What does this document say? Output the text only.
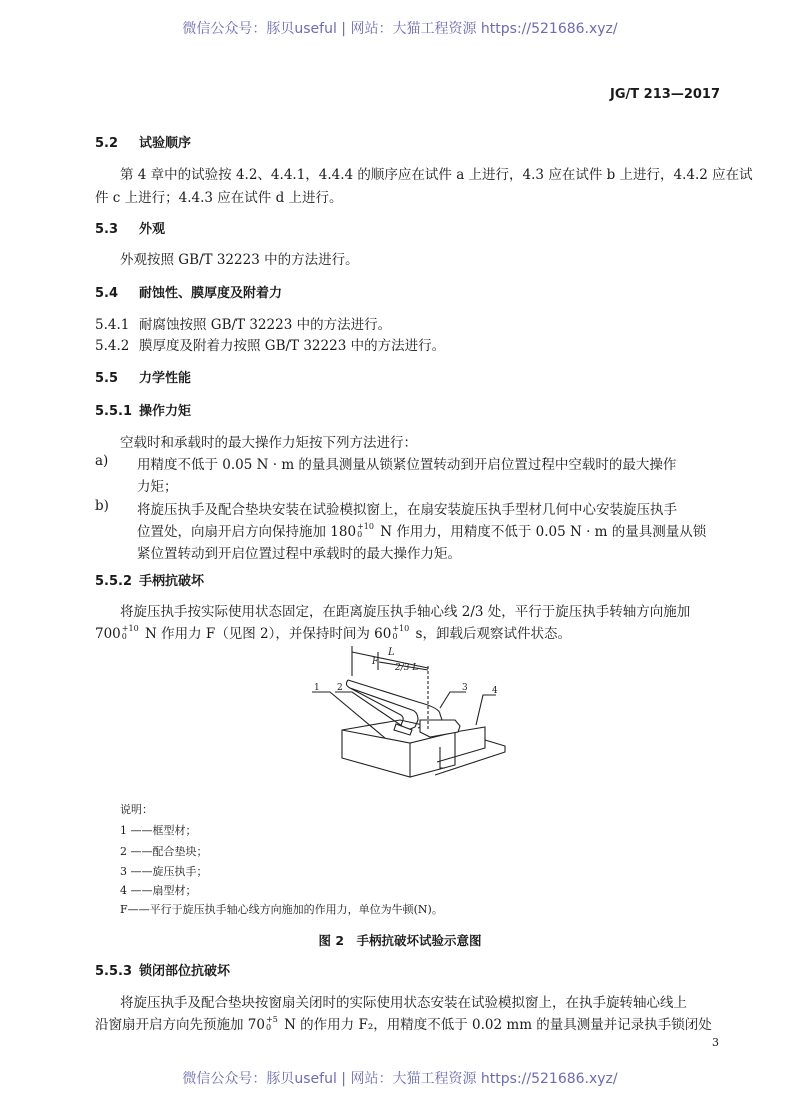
微信公众号：豚贝useful | 网站：大猫工程资源 https://521686.xyz/
JG/T 213—2017
5.2 试验顺序
第 4 章中的试验按 4.2、4.4.1，4.4.4 的顺序应在试件 a 上进行，4.3 应在试件 b 上进行，4.4.2 应在试
件 c 上进行；4.4.3 应在试件 d 上进行。
5.3 外观
外观按照 GB/T 32223 中的方法进行。
5.4 耐蚀性、膜厚度及附着力
5.4.1 耐腐蚀按照 GB/T 32223 中的方法进行。
5.4.2 膜厚度及附着力按照 GB/T 32223 中的方法进行。
5.5 力学性能
5.5.1 操作力矩
空载时和承载时的最大操作力矩按下列方法进行：
a) 用精度不低于 0.05 N · m 的量具测量从锁紧位置转动到开启位置过程中空载时的最大操作
力矩；
b) 将旋压执手及配合垫块安装在试验模拟窗上，在扇安装旋压执手型材几何中心安装旋压执手
位置处，向扇开启方向保持施加 180 +10
0	N 作用力，用精度不低于 0.05 N · m 的量具测量从锁
紧位置转动到开启位置过程中承载时的最大操作力矩。
5.5.2 手柄抗破坏
将旋压执手按实际使用状态固定，在距离旋压执手轴心线 2/3 处，平行于旋压执手转轴方向施加
700 +10
0	N 作用力 F（见图 2），并保持时间为 60 +10
0	s，卸载后观察试件状态。
L
2/3 L
F
1 2	3	4
说明：
1 ——框型材；
2 ——配合垫块；
3 ——旋压执手；
4 ——扇型材；
F——平行于旋压执手轴心线方向施加的作用力，单位为牛顿(N)。
图 2　手柄抗破坏试验示意图
5.5.3 锁闭部位抗破坏
将旋压执手及配合垫块按窗扇关闭时的实际使用状态安装在试验模拟窗上，在执手旋转轴心线上
沿窗扇开启方向先预施加 70 +5
0 N 的作用力 F₂，用精度不低于 0.02 mm 的量具测量并记录执手锁闭处
3
微信公众号：豚贝useful | 网站：大猫工程资源 https://521686.xyz/
